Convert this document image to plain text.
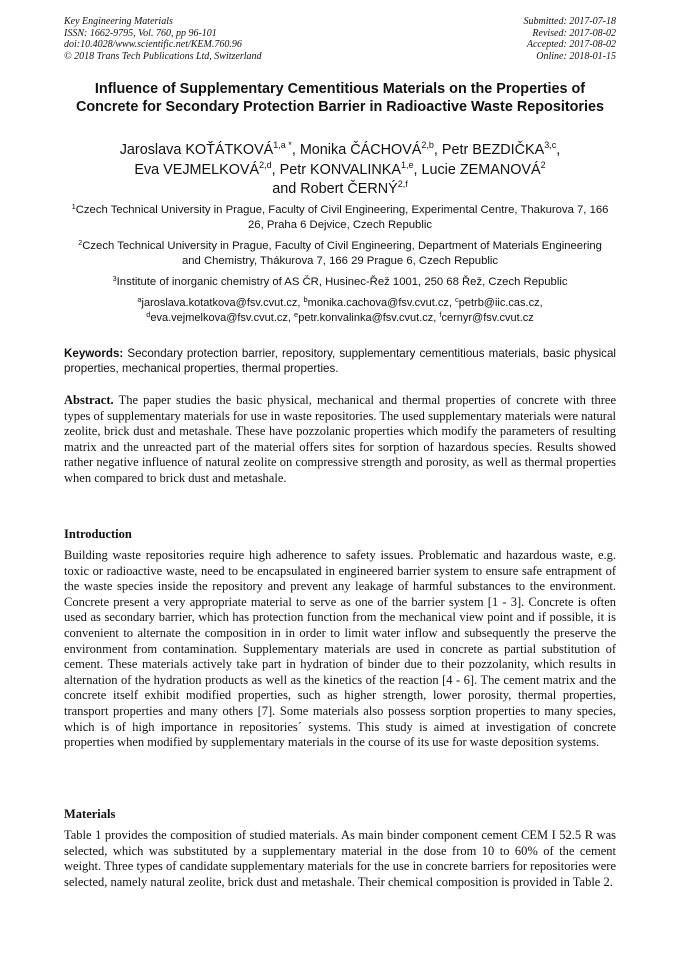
Key Engineering Materials
ISSN: 1662-9795, Vol. 760, pp 96-101
doi:10.4028/www.scientific.net/KEM.760.96
© 2018 Trans Tech Publications Ltd, Switzerland
Submitted: 2017-07-18
Revised: 2017-08-02
Accepted: 2017-08-02
Online: 2018-01-15
Influence of Supplementary Cementitious Materials on the Properties of Concrete for Secondary Protection Barrier in Radioactive Waste Repositories
Jaroslava $KOŤÁTKOVÁ^{1,a *}$, Monika ČÁCHOVÁ$^{2,b}$, Petr BEZDIČKA$^{3,c}$,
Eva VEJMELKOVÁ$^{2,d}$, Petr KONVALINKA$^{1,e}$, Lucie ZEMANOVÁ$^2$
and Robert ČERNÝ$^{2,f}$
$^1$Czech Technical University in Prague, Faculty of Civil Engineering, Experimental Centre, Thakurova 7, 166 26, Praha 6 Dejvice, Czech Republic
$^2$Czech Technical University in Prague, Faculty of Civil Engineering, Department of Materials Engineering and Chemistry, Thákurova 7, 166 29 Prague 6, Czech Republic
$^3$Institute of inorganic chemistry of AS ČR, Husinec-Řež 1001, 250 68 Řež, Czech Republic
$^a$jaroslava.kotatkova@fsv.cvut.cz, $^b$monika.cachova@fsv.cvut.cz, $^c$petrb@iic.cas.cz,
$^d$eva.vejmelkova@fsv.cvut.cz, $^e$petr.konvalinka@fsv.cvut.cz, $^f$cernyr@fsv.cvut.cz
Keywords: Secondary protection barrier, repository, supplementary cementitious materials, basic physical properties, mechanical properties, thermal properties.
Abstract. The paper studies the basic physical, mechanical and thermal properties of concrete with three types of supplementary materials for use in waste repositories. The used supplementary materials were natural zeolite, brick dust and metashale. These have pozzolanic properties which modify the parameters of resulting matrix and the unreacted part of the material offers sites for sorption of hazardous species. Results showed rather negative influence of natural zeolite on compressive strength and porosity, as well as thermal properties when compared to brick dust and metashale.
Introduction
Building waste repositories require high adherence to safety issues. Problematic and hazardous waste, e.g. toxic or radioactive waste, need to be encapsulated in engineered barrier system to ensure safe entrapment of the waste species inside the repository and prevent any leakage of harmful substances to the environment. Concrete present a very appropriate material to serve as one of the barrier system [1 - 3]. Concrete is often used as secondary barrier, which has protection function from the mechanical view point and if possible, it is convenient to alternate the composition in in order to limit water inflow and subsequently the preserve the environment from contamination. Supplementary materials are used in concrete as partial substitution of cement. These materials actively take part in hydration of binder due to their pozzolanity, which results in alternation of the hydration products as well as the kinetics of the reaction [4 - 6]. The cement matrix and the concrete itself exhibit modified properties, such as higher strength, lower porosity, thermal properties, transport properties and many others [7]. Some materials also possess sorption properties to many species, which is of high importance in repositories´ systems. This study is aimed at investigation of concrete properties when modified by supplementary materials in the course of its use for waste deposition systems.
Materials
Table 1 provides the composition of studied materials. As main binder component cement CEM I 52.5 R was selected, which was substituted by a supplementary material in the dose from 10 to 60% of the cement weight. Three types of candidate supplementary materials for the use in concrete barriers for repositories were selected, namely natural zeolite, brick dust and metashale. Their chemical composition is provided in Table 2.
